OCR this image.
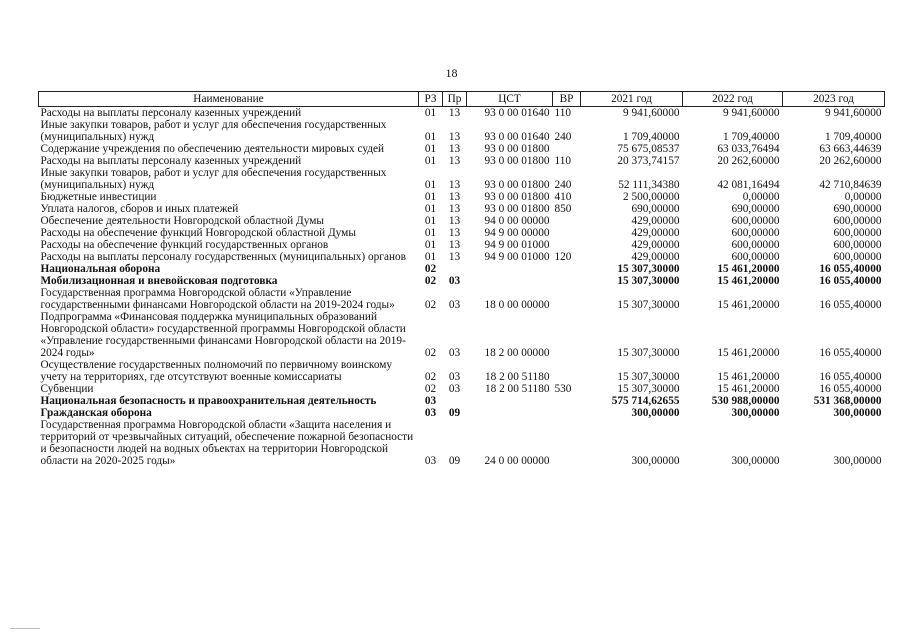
18
Наименование	РЗ	Пр	ЦСТ	ВР	2021 год	2022 год	2023 год
Расходы на выплаты персоналу казенных учреждений	01	13	93 0 00 01640	110	9 941,60000	9 941,60000	9 941,60000
Иные закупки товаров, работ и услуг для обеспечения государственных (муниципальных) нужд	01	13	93 0 00 01640	240	1 709,40000	1 709,40000	1 709,40000
Содержание учреждения по обеспечению деятельности мировых судей	01	13	93 0 00 01800		75 675,08537	63 033,76494	63 663,44639
Расходы на выплаты персоналу казенных учреждений	01	13	93 0 00 01800	110	20 373,74157	20 262,60000	20 262,60000
Иные закупки товаров, работ и услуг для обеспечения государственных (муниципальных) нужд	01	13	93 0 00 01800	240	52 111,34380	42 081,16494	42 710,84639
Бюджетные инвестиции	01	13	93 0 00 01800	410	2 500,00000	0,00000	0,00000
Уплата налогов, сборов и иных платежей	01	13	93 0 00 01800	850	690,00000	690,00000	690,00000
Обеспечение деятельности Новгородской областной Думы	01	13	94 0 00 00000		429,00000	600,00000	600,00000
Расходы на обеспечение функций Новгородской областной Думы	01	13	94 9 00 00000		429,00000	600,00000	600,00000
Расходы на обеспечение функций государственных органов	01	13	94 9 00 01000		429,00000	600,00000	600,00000
Расходы на выплаты персоналу государственных (муниципальных) органов	01	13	94 9 00 01000	120	429,00000	600,00000	600,00000
Национальная оборона	02				15 307,30000	15 461,20000	16 055,40000
Мобилизационная и вневойсковая подготовка	02	03			15 307,30000	15 461,20000	16 055,40000
Государственная программа Новгородской области «Управление государственными финансами Новгородской области на 2019-2024 годы»	02	03	18 0 00 00000		15 307,30000	15 461,20000	16 055,40000
Подпрограмма «Финансовая поддержка муниципальных образований Новгородской области» государственной программы Новгородской области «Управление государственными финансами Новгородской области на 2019-2024 годы»	02	03	18 2 00 00000		15 307,30000	15 461,20000	16 055,40000
Осуществление государственных полномочий по первичному воинскому учету на территориях, где отсутствуют военные комиссариаты	02	03	18 2 00 51180		15 307,30000	15 461,20000	16 055,40000
Субвенции	02	03	18 2 00 51180	530	15 307,30000	15 461,20000	16 055,40000
Национальная безопасность и правоохранительная деятельность	03				575 714,62655	530 988,00000	531 368,00000
Гражданская оборона	03	09			300,00000	300,00000	300,00000
Государственная программа Новгородской области «Защита населения и территорий от чрезвычайных ситуаций, обеспечение пожарной безопасности и безопасности людей на водных объектах на территории Новгородской области на 2020-2025 годы»	03	09	24 0 00 00000		300,00000	300,00000	300,00000
